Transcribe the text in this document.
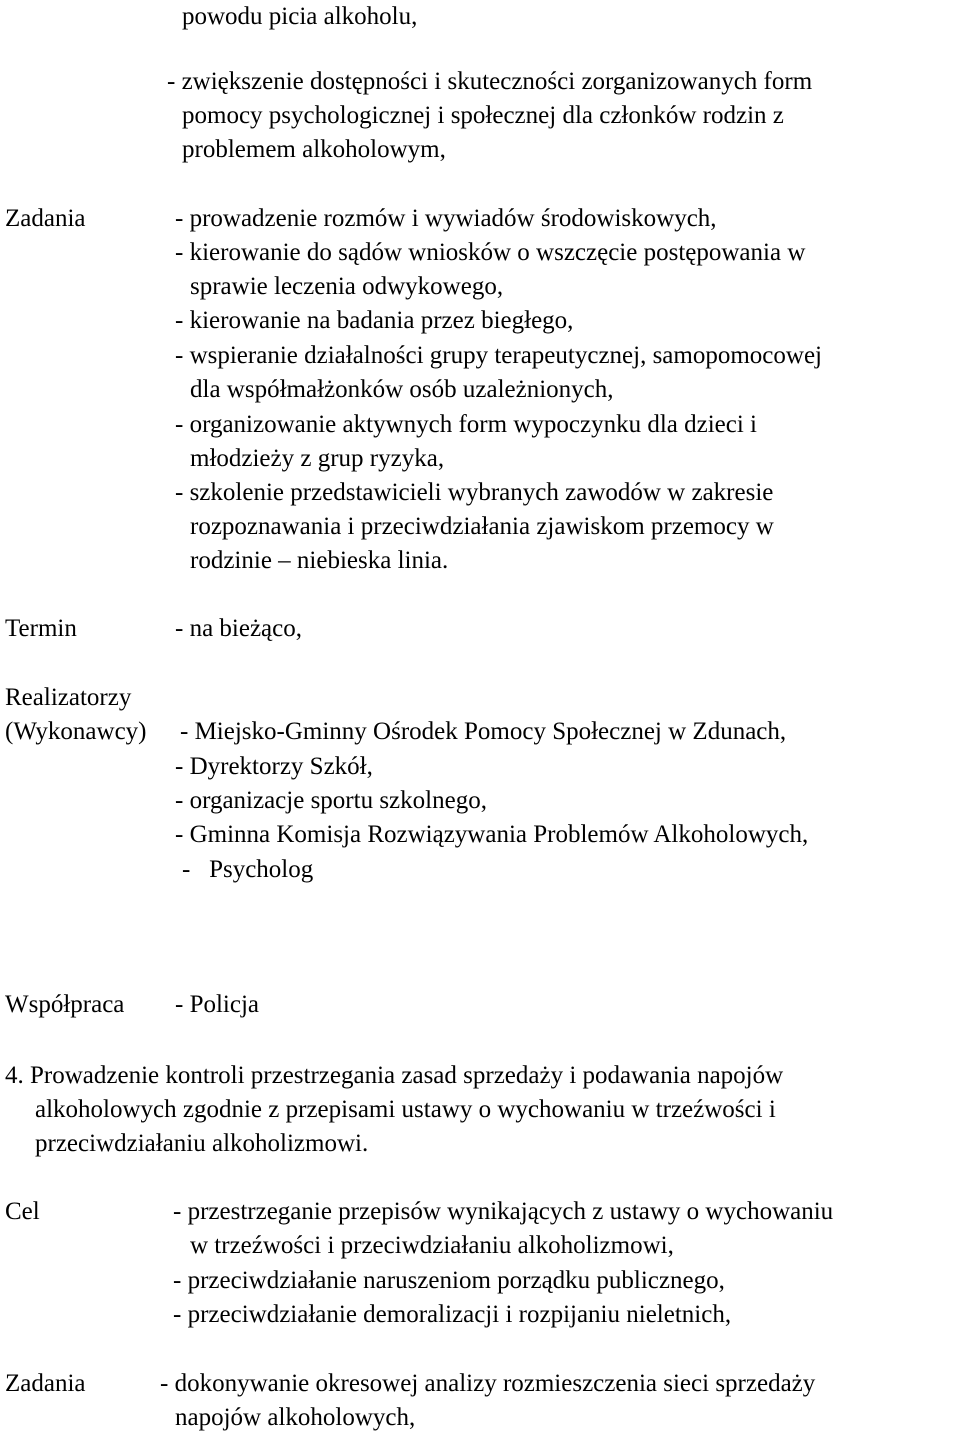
powodu picia alkoholu,
- zwiększenie dostępności i skuteczności zorganizowanych form
pomocy psychologicznej i społecznej dla członków rodzin z
problemem alkoholowym,
Zadania	- prowadzenie rozmów i wywiadów środowiskowych,
- kierowanie do sądów wniosków o wszczęcie postępowania w
sprawie leczenia odwykowego,
- kierowanie na badania przez biegłego,
- wspieranie działalności grupy terapeutycznej, samopomocowej
dla współmałżonków osób uzależnionych,
- organizowanie aktywnych form wypoczynku dla dzieci i
młodzieży z grup ryzyka,
- szkolenie przedstawicieli wybranych zawodów w zakresie
rozpoznawania i przeciwdziałania zjawiskom przemocy w
rodzinie – niebieska linia.
Termin	- na bieżąco,
Realizatorzy
(Wykonawcy) - Miejsko-Gminny Ośrodek Pomocy Społecznej w Zdunach,
- Dyrektorzy Szkół,
- organizacje sportu szkolnego,
- Gminna Komisja Rozwiązywania Problemów Alkoholowych,
-   Psycholog
Współpraca - Policja
4. Prowadzenie kontroli przestrzegania zasad sprzedaży i podawania napojów
alkoholowych zgodnie z przepisami ustawy o wychowaniu w trzeźwości i
przeciwdziałaniu alkoholizmowi.
Cel	- przestrzeganie przepisów wynikających z ustawy o wychowaniu
w trzeźwości i przeciwdziałaniu alkoholizmowi,
- przeciwdziałanie naruszeniom porządku publicznego,
- przeciwdziałanie demoralizacji i rozpijaniu nieletnich,
Zadania	- dokonywanie okresowej analizy rozmieszczenia sieci sprzedaży
napojów alkoholowych,
